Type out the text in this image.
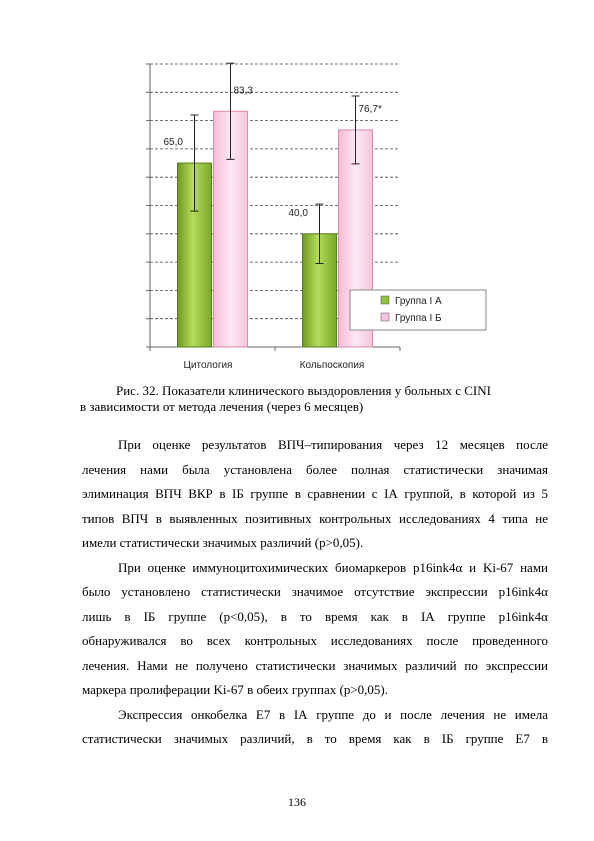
65,0
83,3
40,0
76,7*
Цитология	Кольпоскопия
Группа I А
Группа I Б
Рис. 32. Показатели клинического выздоровления у больных с CINI
в зависимости от метода лечения (через 6 месяцев)

При оценке результатов ВПЧ–типирования через 12 месяцев после

лечения нами была установлена более полная статистически значимая

элиминация ВПЧ ВКР в IБ группе в сравнении с IА группой, в которой из 5

типов ВПЧ в выявленных позитивных контрольных исследованиях 4 типа не

имели статистически значимых различий (р>0,05).

При оценке иммуноцитохимических биомаркеров р16ink4α и Ki-67 нами

было установлено статистически значимое отсутствие экспрессии p16ink4α

лишь в IБ группе (р<0,05), в то время как в IА группе p16ink4α

обнаруживался во всех контрольных исследованиях после проведенного

лечения. Нами не получено статистически значимых различий по экспрессии

маркера пролиферации Ki-67 в обеих группах (р>0,05).

Экспрессия онкобелка Е7 в IА группе до и после лечения не имела

статистически значимых различий, в то время как в IБ группе Е7 в

136
